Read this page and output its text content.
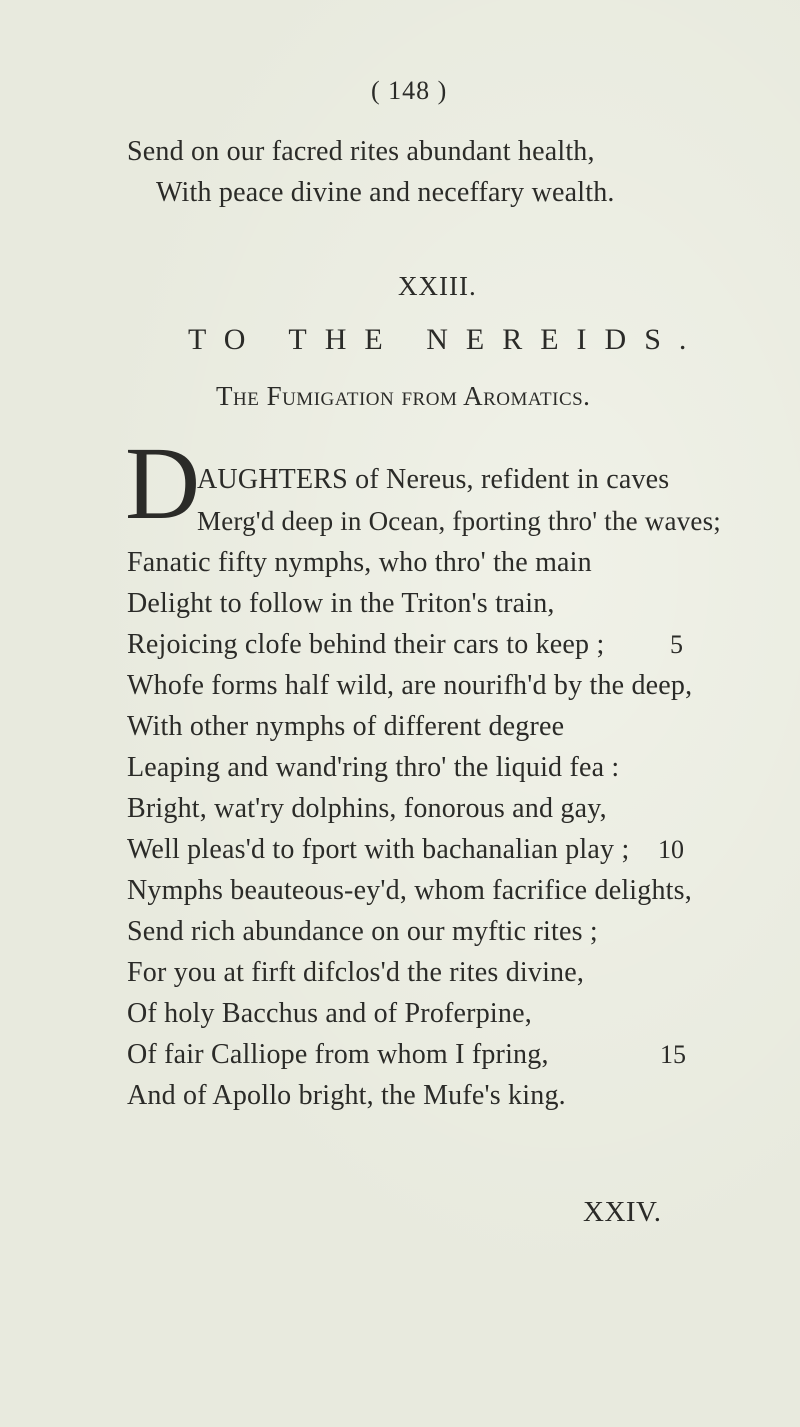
( 148 )
Send on our facred rites abundant health,
With peace divine and neceffary wealth.
XXIII.
TO THE NEREIDS.
The Fumigation from Aromatics.
D
AUGHTERS of Nereus, refident in caves
Merg'd deep in Ocean, fporting thro' the waves;
Fanatic fifty nymphs, who thro' the main
Delight to follow in the Triton's train,
Rejoicing clofe behind their cars to keep ;
Whofe forms half wild, are nourifh'd by the deep,
With other nymphs of different degree
Leaping and wand'ring thro' the liquid fea :
Bright, wat'ry dolphins, fonorous and gay,
Well pleas'd to fport with bachanalian play ;
Nymphs beauteous-ey'd, whom facrifice delights,
Send rich abundance on our myftic rites ;
For you at firft difclos'd the rites divine,
Of holy Bacchus and of Proferpine,
Of fair Calliope from whom I fpring,
And of Apollo bright, the Mufe's king.
5
10
15
XXIV.
